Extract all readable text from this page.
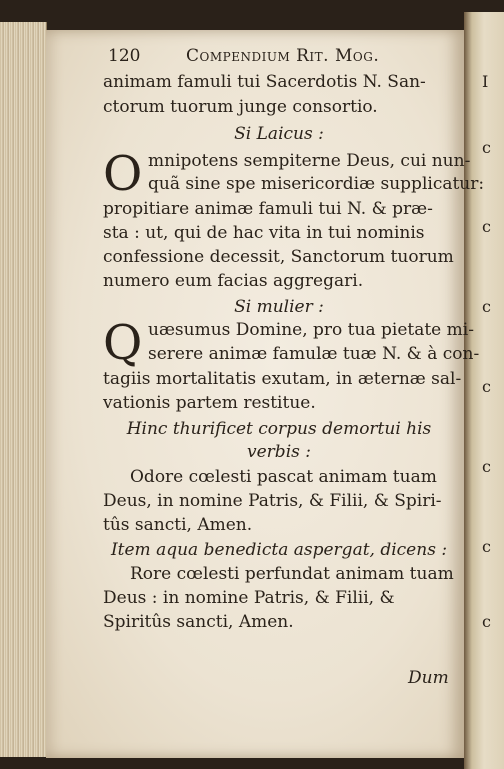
I
c
c
c
c
c
c
c
120	Compendium Rit. Mog.
animam famuli tui Sacerdotis N. San-
ctorum tuorum junge consortio.
Si Laicus :
O mnipotens sempiterne Deus, cui nun-
quã sine spe misericordiæ supplicatur:
propitiare animæ famuli tui N. & præ-
sta : ut, qui de hac vita in tui nominis
confessione decessit, Sanctorum tuorum
numero eum facias aggregari.
Si mulier :
Q uæsumus Domine, pro tua pietate mi-
serere animæ famulæ tuæ N. & à con-
tagiis mortalitatis exutam, in æternæ sal-
vationis partem restitue.
Hinc thurificet corpus demortui his
verbis :
Odore cœlesti pascat animam tuam
Deus, in nomine Patris, & Filii, & Spiri-
tûs sancti, Amen.
Item aqua benedicta aspergat, dicens :
Rore cœlesti perfundat animam tuam
Deus : in nomine Patris, & Filii, &
Spiritûs sancti, Amen.
Dum
